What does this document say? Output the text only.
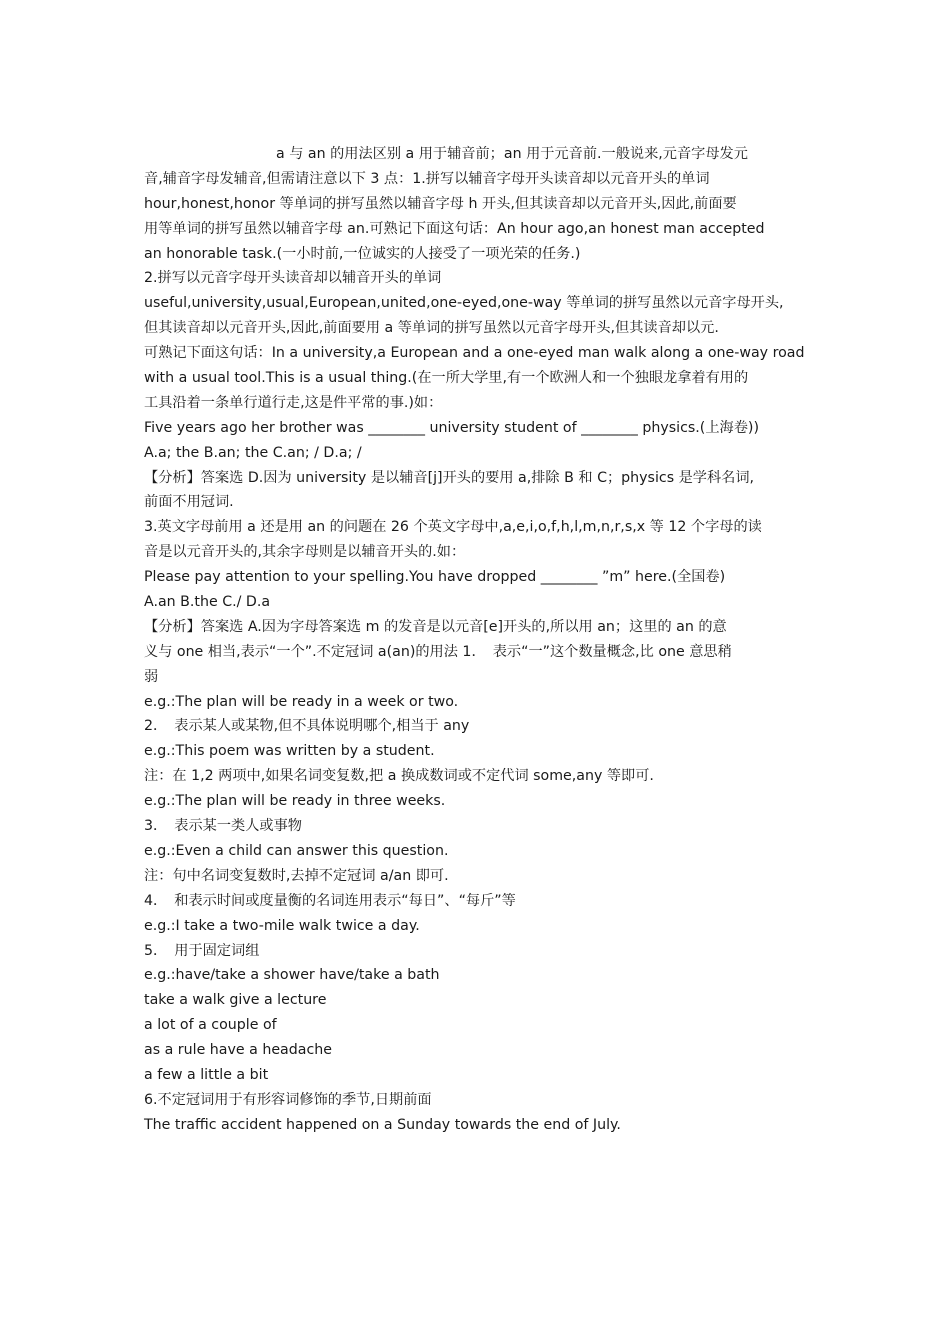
a 与 an 的用法区别 a 用于辅音前；an 用于元音前.一般说来,元音字母发元
音,辅音字母发辅音,但需请注意以下 3 点：1.拼写以辅音字母开头读音却以元音开头的单词
hour,honest,honor 等单词的拼写虽然以辅音字母 h 开头,但其读音却以元音开头,因此,前面要
用等单词的拼写虽然以辅音字母 an.可熟记下面这句话：An hour ago,an honest man accepted
an honorable task.(一小时前,一位诚实的人接受了一项光荣的任务.)
2.拼写以元音字母开头读音却以辅音开头的单词
useful,university,usual,European,united,one-eyed,one-way 等单词的拼写虽然以元音字母开头,
但其读音却以元音开头,因此,前面要用 a 等单词的拼写虽然以元音字母开头,但其读音却以元.
可熟记下面这句话：In a university,a European and a one-eyed man walk along a one-way road
with a usual tool.This is a usual thing.(在一所大学里,有一个欧洲人和一个独眼龙拿着有用的
工具沿着一条单行道行走,这是件平常的事.)如：
Five years ago her brother was ________ university student of ________ physics.(上海卷))
A.a; the B.an; the C.an; / D.a; /
【分析】答案选 D.因为 university 是以辅音[j]开头的要用 a,排除 B 和 C；physics 是学科名词,
前面不用冠词.
3.英文字母前用 a 还是用 an 的问题在 26 个英文字母中,a,e,i,o,f,h,l,m,n,r,s,x 等 12 个字母的读
音是以元音开头的,其余字母则是以辅音开头的.如：
Please pay attention to your spelling.You have dropped ________ ”m” here.(全国卷)
A.an B.the C./ D.a
【分析】答案选 A.因为字母答案选 m 的发音是以元音[e]开头的,所以用 an；这里的 an 的意
义与 one 相当,表示“一个”.不定冠词 a(an)的用法 1．　表示“一”这个数量概念,比 one 意思稍
弱
e.g.:The plan will be ready in a week or two.
2．　表示某人或某物,但不具体说明哪个,相当于 any
e.g.:This poem was written by a student.
注：在 1,2 两项中,如果名词变复数,把 a 换成数词或不定代词 some,any 等即可.
e.g.:The plan will be ready in three weeks.
3．　表示某一类人或事物
e.g.:Even a child can answer this question.
注：句中名词变复数时,去掉不定冠词 a/an 即可.
4．　和表示时间或度量衡的名词连用表示“每日”、“每斤”等
e.g.:I take a two-mile walk twice a day.
5．　用于固定词组
e.g.:have/take a shower have/take a bath
take a walk give a lecture
a lot of a couple of
as a rule have a headache
a few a little a bit
6.不定冠词用于有形容词修饰的季节,日期前面
The traffic accident happened on a Sunday towards the end of July.
